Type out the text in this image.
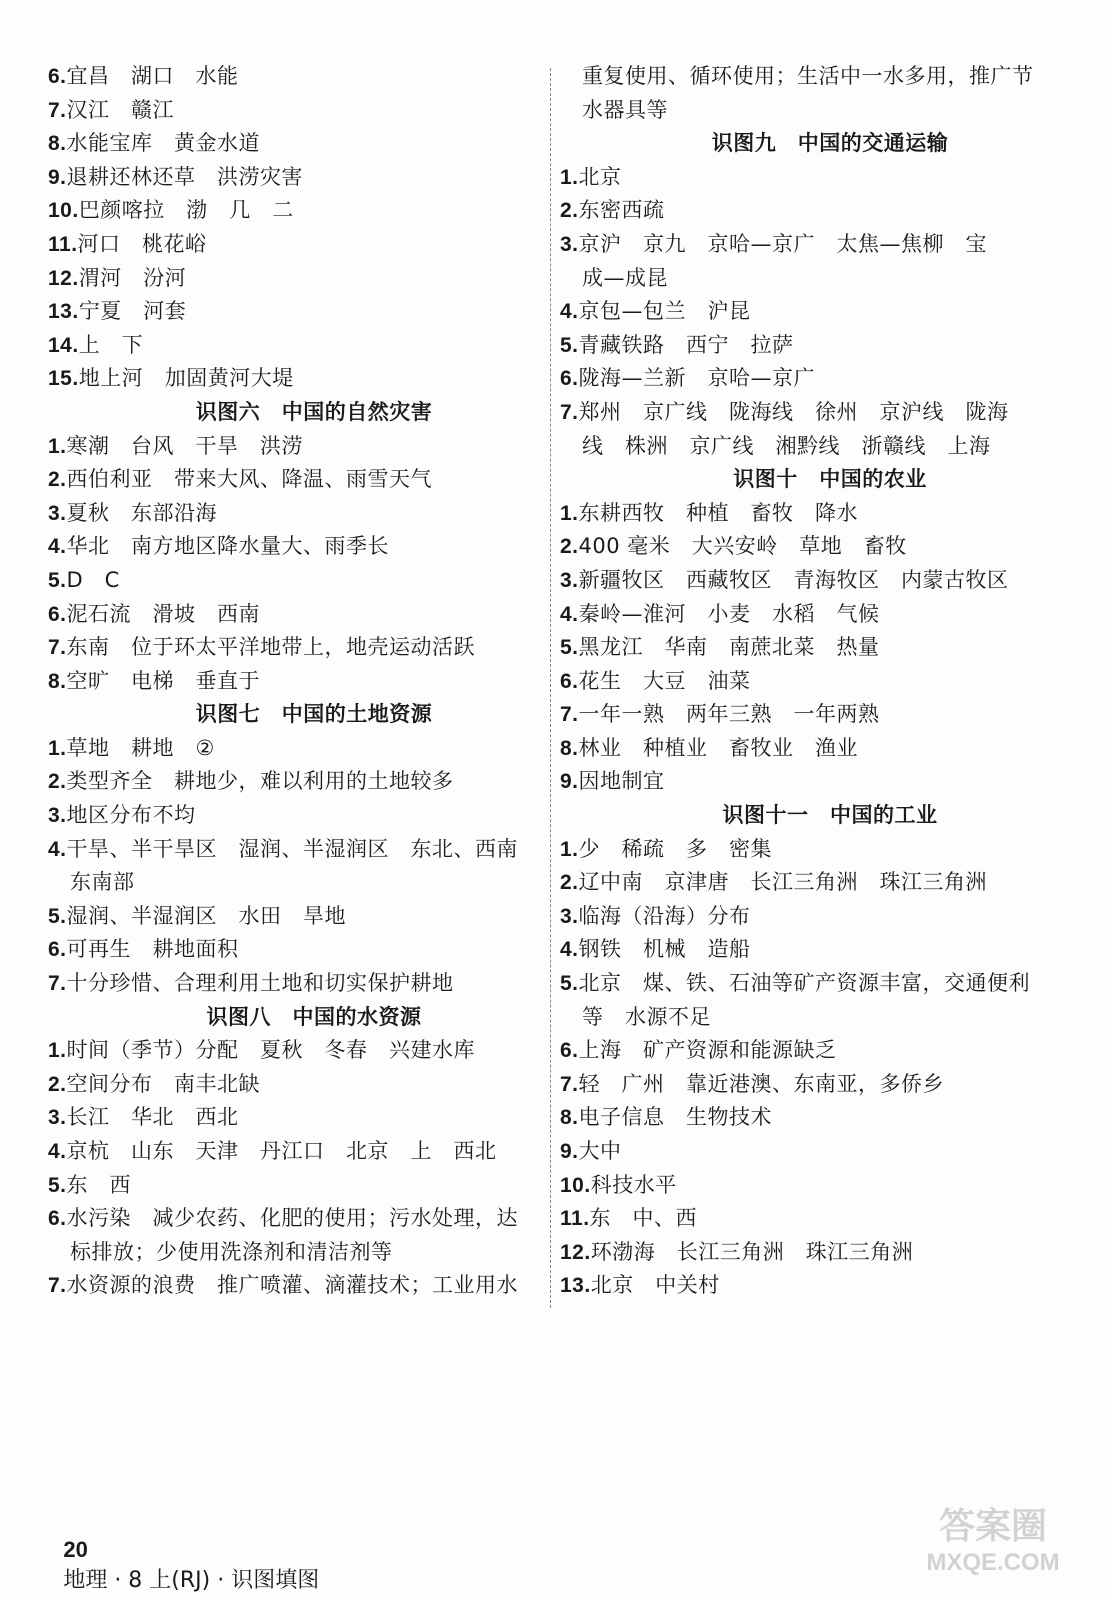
6.宜昌　湖口　水能
7.汉江　赣江
8.水能宝库　黄金水道
9.退耕还林还草　洪涝灾害
10.巴颜喀拉　渤　几　二
11.河口　桃花峪
12.渭河　汾河
13.宁夏　河套
14.上　下
15.地上河　加固黄河大堤
识图六　中国的自然灾害
1.寒潮　台风　干旱　洪涝
2.西伯利亚　带来大风、降温、雨雪天气
3.夏秋　东部沿海
4.华北　南方地区降水量大、雨季长
5.D　C
6.泥石流　滑坡　西南
7.东南　位于环太平洋地带上，地壳运动活跃
8.空旷　电梯　垂直于
识图七　中国的土地资源
1.草地　耕地　②
2.类型齐全　耕地少，难以利用的土地较多
3.地区分布不均
4.干旱、半干旱区　湿润、半湿润区　东北、西南
东南部
5.湿润、半湿润区　水田　旱地
6.可再生　耕地面积
7.十分珍惜、合理利用土地和切实保护耕地
识图八　中国的水资源
1.时间（季节）分配　夏秋　冬春　兴建水库
2.空间分布　南丰北缺
3.长江　华北　西北
4.京杭　山东　天津　丹江口　北京　上　西北
5.东　西
6.水污染　减少农药、化肥的使用；污水处理，达
标排放；少使用洗涤剂和清洁剂等
7.水资源的浪费　推广喷灌、滴灌技术；工业用水
重复使用、循环使用；生活中一水多用，推广节
水器具等
识图九　中国的交通运输
1.北京
2.东密西疏
3.京沪　京九　京哈—京广　太焦—焦柳　宝
成—成昆
4.京包—包兰　沪昆
5.青藏铁路　西宁　拉萨
6.陇海—兰新　京哈—京广
7.郑州　京广线　陇海线　徐州　京沪线　陇海
线　株洲　京广线　湘黔线　浙赣线　上海
识图十　中国的农业
1.东耕西牧　种植　畜牧　降水
2.400 毫米　大兴安岭　草地　畜牧
3.新疆牧区　西藏牧区　青海牧区　内蒙古牧区
4.秦岭—淮河　小麦　水稻　气候
5.黑龙江　华南　南蔗北菜　热量
6.花生　大豆　油菜
7.一年一熟　两年三熟　一年两熟
8.林业　种植业　畜牧业　渔业
9.因地制宜
识图十一　中国的工业
1.少　稀疏　多　密集
2.辽中南　京津唐　长江三角洲　珠江三角洲
3.临海（沿海）分布
4.钢铁　机械　造船
5.北京　煤、铁、石油等矿产资源丰富，交通便利
等　水源不足
6.上海　矿产资源和能源缺乏
7.轻　广州　靠近港澳、东南亚，多侨乡
8.电子信息　生物技术
9.大中
10.科技水平
11.东　中、西
12.环渤海　长江三角洲　珠江三角洲
13.北京　中关村

20
地理 · 8 上(RJ) · 识图填图

答案圈
MXQE.COM
